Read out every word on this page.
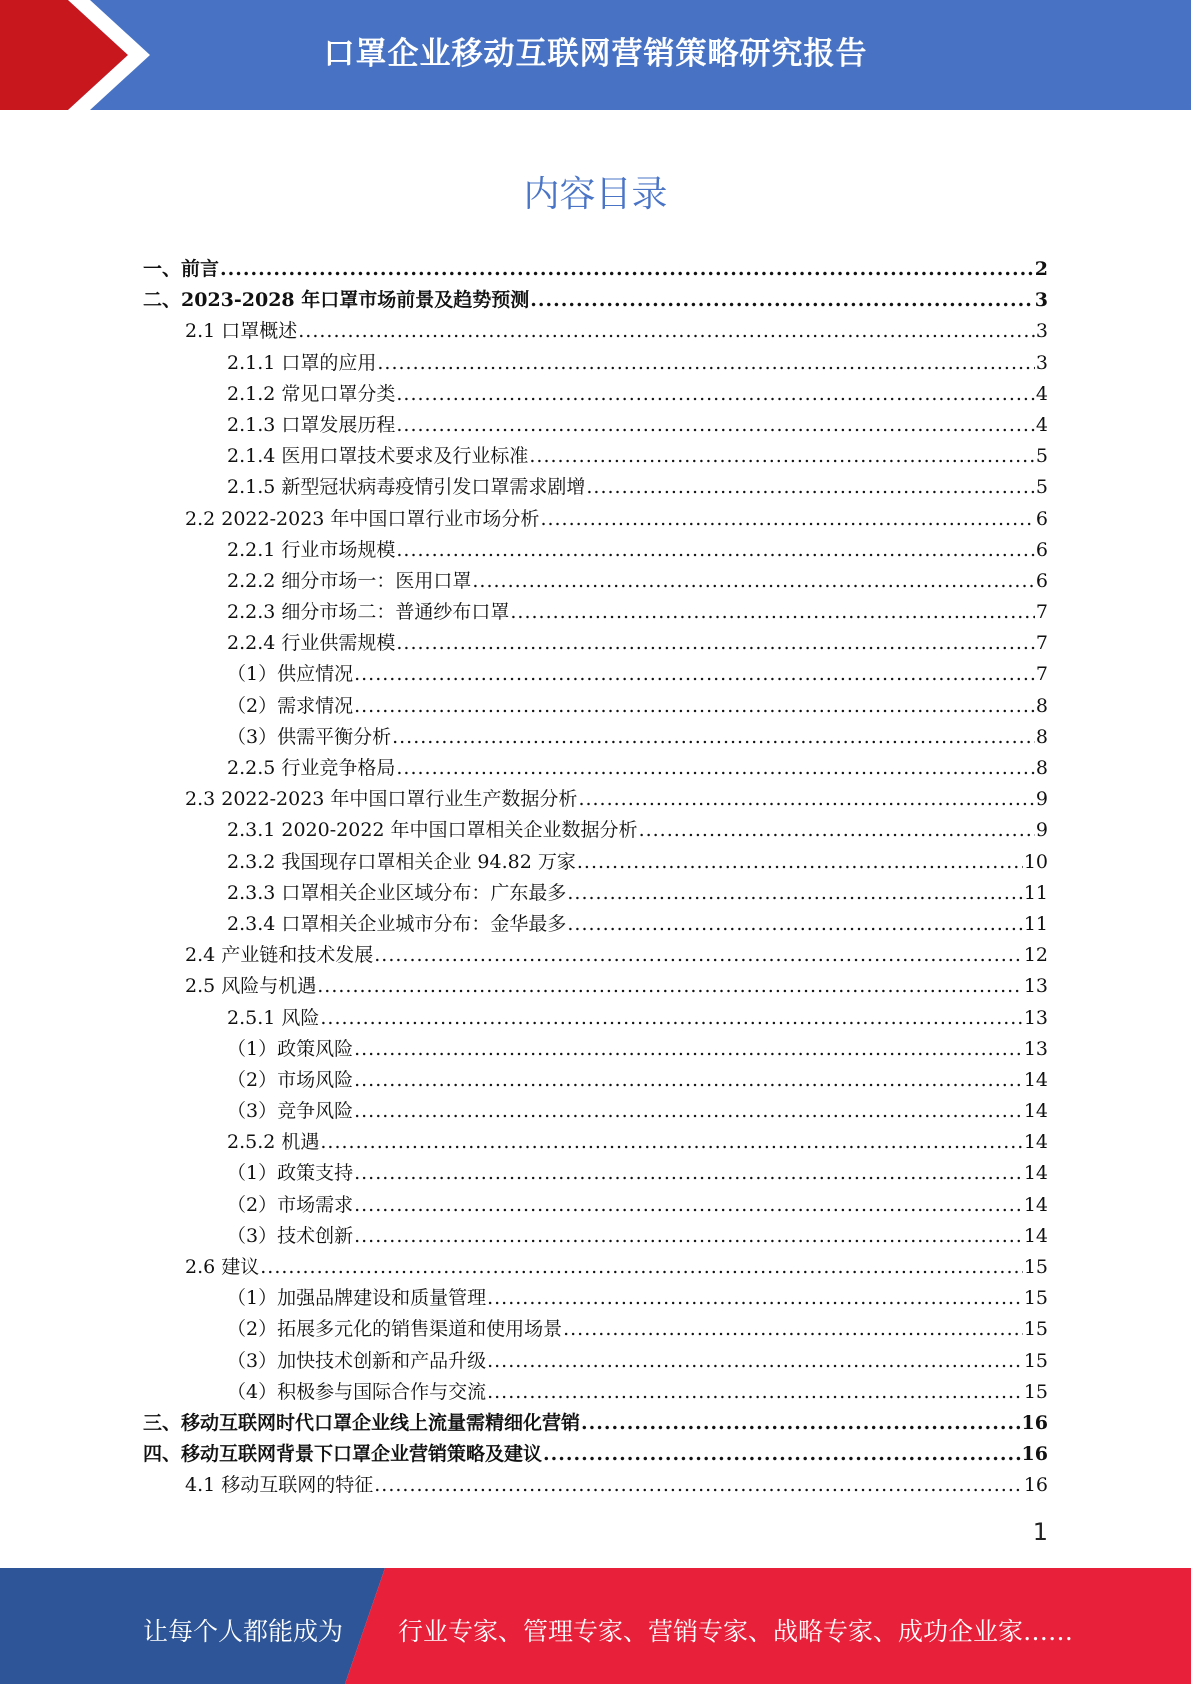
口罩企业移动互联网营销策略研究报告
内容目录
一、前言 .....	2
二、2023-2028 年口罩市场前景及趋势预测 .....	3
2.1 口罩概述 .....	3
2.1.1 口罩的应用 .....	3
2.1.2 常见口罩分类 .....	4
2.1.3 口罩发展历程 .....	4
2.1.4 医用口罩技术要求及行业标准 .....	5
2.1.5 新型冠状病毒疫情引发口罩需求剧增 .....	5
2.2 2022-2023 年中国口罩行业市场分析 .....	6
2.2.1 行业市场规模 .....	6
2.2.2 细分市场一：医用口罩 .....	6
2.2.3 细分市场二：普通纱布口罩 .....	7
2.2.4 行业供需规模 .....	7
（1）供应情况 .....	7
（2）需求情况 .....	8
（3）供需平衡分析 .....	8
2.2.5 行业竞争格局 .....	8
2.3 2022-2023 年中国口罩行业生产数据分析 .....	9
2.3.1 2020-2022 年中国口罩相关企业数据分析 .....	9
2.3.2 我国现存口罩相关企业 94.82 万家 .....	10
2.3.3 口罩相关企业区域分布：广东最多 .....	11
2.3.4 口罩相关企业城市分布：金华最多 .....	11
2.4 产业链和技术发展 .....	12
2.5 风险与机遇 .....	13
2.5.1 风险 .....	13
（1）政策风险 .....	13
（2）市场风险 .....	14
（3）竞争风险 .....	14
2.5.2 机遇 .....	14
（1）政策支持 .....	14
（2）市场需求 .....	14
（3）技术创新 .....	14
2.6 建议 .....	15
（1）加强品牌建设和质量管理 .....	15
（2）拓展多元化的销售渠道和使用场景 .....	15
（3）加快技术创新和产品升级 .....	15
（4）积极参与国际合作与交流 .....	15
三、移动互联网时代口罩企业线上流量需精细化营销 .....	16
四、移动互联网背景下口罩企业营销策略及建议 .....	16
4.1 移动互联网的特征 .....	16
1
让每个人都能成为 行业专家、管理专家、营销专家、战略专家、成功企业家……
